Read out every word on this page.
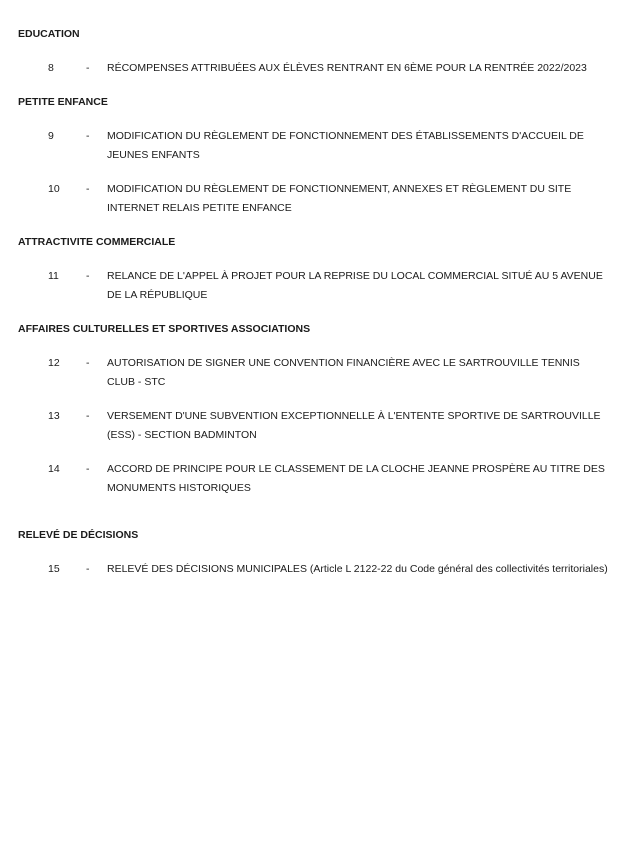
EDUCATION
8	-	RÉCOMPENSES ATTRIBUÉES AUX ÉLÈVES RENTRANT EN 6ÈME POUR LA RENTRÉE 2022/2023
PETITE ENFANCE
9	-	MODIFICATION DU RÈGLEMENT DE FONCTIONNEMENT DES ÉTABLISSEMENTS D'ACCUEIL DE JEUNES ENFANTS
10	-	MODIFICATION DU RÈGLEMENT DE FONCTIONNEMENT, ANNEXES ET RÈGLEMENT DU SITE INTERNET RELAIS PETITE ENFANCE
ATTRACTIVITE COMMERCIALE
11	-	RELANCE DE L'APPEL À PROJET POUR LA REPRISE DU LOCAL COMMERCIAL SITUÉ AU 5 AVENUE DE LA RÉPUBLIQUE
AFFAIRES CULTURELLES ET SPORTIVES ASSOCIATIONS
12	-	AUTORISATION DE SIGNER UNE CONVENTION FINANCIÈRE AVEC LE SARTROUVILLE TENNIS CLUB - STC
13	-	VERSEMENT D'UNE SUBVENTION EXCEPTIONNELLE À L'ENTENTE SPORTIVE DE SARTROUVILLE (ESS) - SECTION BADMINTON
14	-	ACCORD DE PRINCIPE POUR LE CLASSEMENT DE LA CLOCHE JEANNE PROSPÈRE AU TITRE DES MONUMENTS HISTORIQUES
RELEVÉ DE DÉCISIONS
15	-	RELEVÉ DES DÉCISIONS MUNICIPALES (Article L 2122-22 du Code général des collectivités territoriales)
